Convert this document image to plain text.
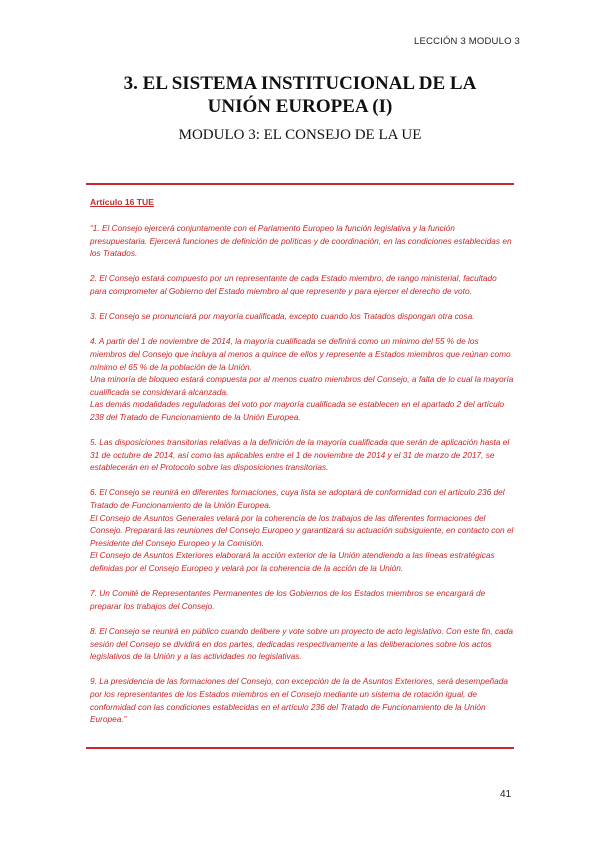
LECCIÓN 3 MODULO 3
3. EL SISTEMA INSTITUCIONAL DE LA
UNIÓN EUROPEA (I)
MODULO 3: EL CONSEJO DE LA UE
Artículo 16 TUE

“1. El Consejo ejercerá conjuntamente con el Parlamento Europeo la función legislativa y la función presupuestaria. Ejercerá funciones de definición de políticas y de coordinación, en las condiciones establecidas en los Tratados.

2. El Consejo estará compuesto por un representante de cada Estado miembro, de rango ministerial, facultado para comprometer al Gobierno del Estado miembro al que represente y para ejercer el derecho de voto.

3. El Consejo se pronunciará por mayoría cualificada, excepto cuando los Tratados dispongan otra cosa.

4. A partir del 1 de noviembre de 2014, la mayoría cualificada se definirá como un mínimo del 55 % de los miembros del Consejo que incluya al menos a quince de ellos y represente a Estados miembros que reúnan como mínimo el 65 % de la población de la Unión.
Una minoría de bloqueo estará compuesta por al menos cuatro miembros del Consejo, a falta de lo cual la mayoría cualificada se considerará alcanzada.
Las demás modalidades reguladoras del voto por mayoría cualificada se establecen en el apartado 2 del artículo 238 del Tratado de Funcionamiento de la Unión Europea.

5. Las disposiciones transitorias relativas a la definición de la mayoría cualificada que serán de aplicación hasta el 31 de octubre de 2014, así como las aplicables entre el 1 de noviembre de 2014 y el 31 de marzo de 2017, se establecerán en el Protocolo sobre las disposiciones transitorias.

6. El Consejo se reunirá en diferentes formaciones, cuya lista se adoptará de conformidad con el artículo 236 del Tratado de Funcionamiento de la Unión Europea.
El Consejo de Asuntos Generales velará por la coherencia de los trabajos de las diferentes formaciones del Consejo. Preparará las reuniones del Consejo Europeo y garantizará su actuación subsiguiente, en contacto con el Presidente del Consejo Europeo y la Comisión.
El Consejo de Asuntos Exteriores elaborará la acción exterior de la Unión atendiendo a las líneas estratégicas definidas por el Consejo Europeo y velará por la coherencia de la acción de la Unión.

7. Un Comité de Representantes Permanentes de los Gobiernos de los Estados miembros se encargará de preparar los trabajos del Consejo.

8. El Consejo se reunirá en público cuando delibere y vote sobre un proyecto de acto legislativo. Con este fin, cada sesión del Consejo se dividirá en dos partes, dedicadas respectivamente a las deliberaciones sobre los actos legislativos de la Unión y a las actividades no legislativas.

9. La presidencia de las formaciones del Consejo, con excepción de la de Asuntos Exteriores, será desempeñada por los representantes de los Estados miembros en el Consejo mediante un sistema de rotación igual, de conformidad con las condiciones establecidas en el artículo 236 del Tratado de Funcionamiento de la Unión Europea.”

41
